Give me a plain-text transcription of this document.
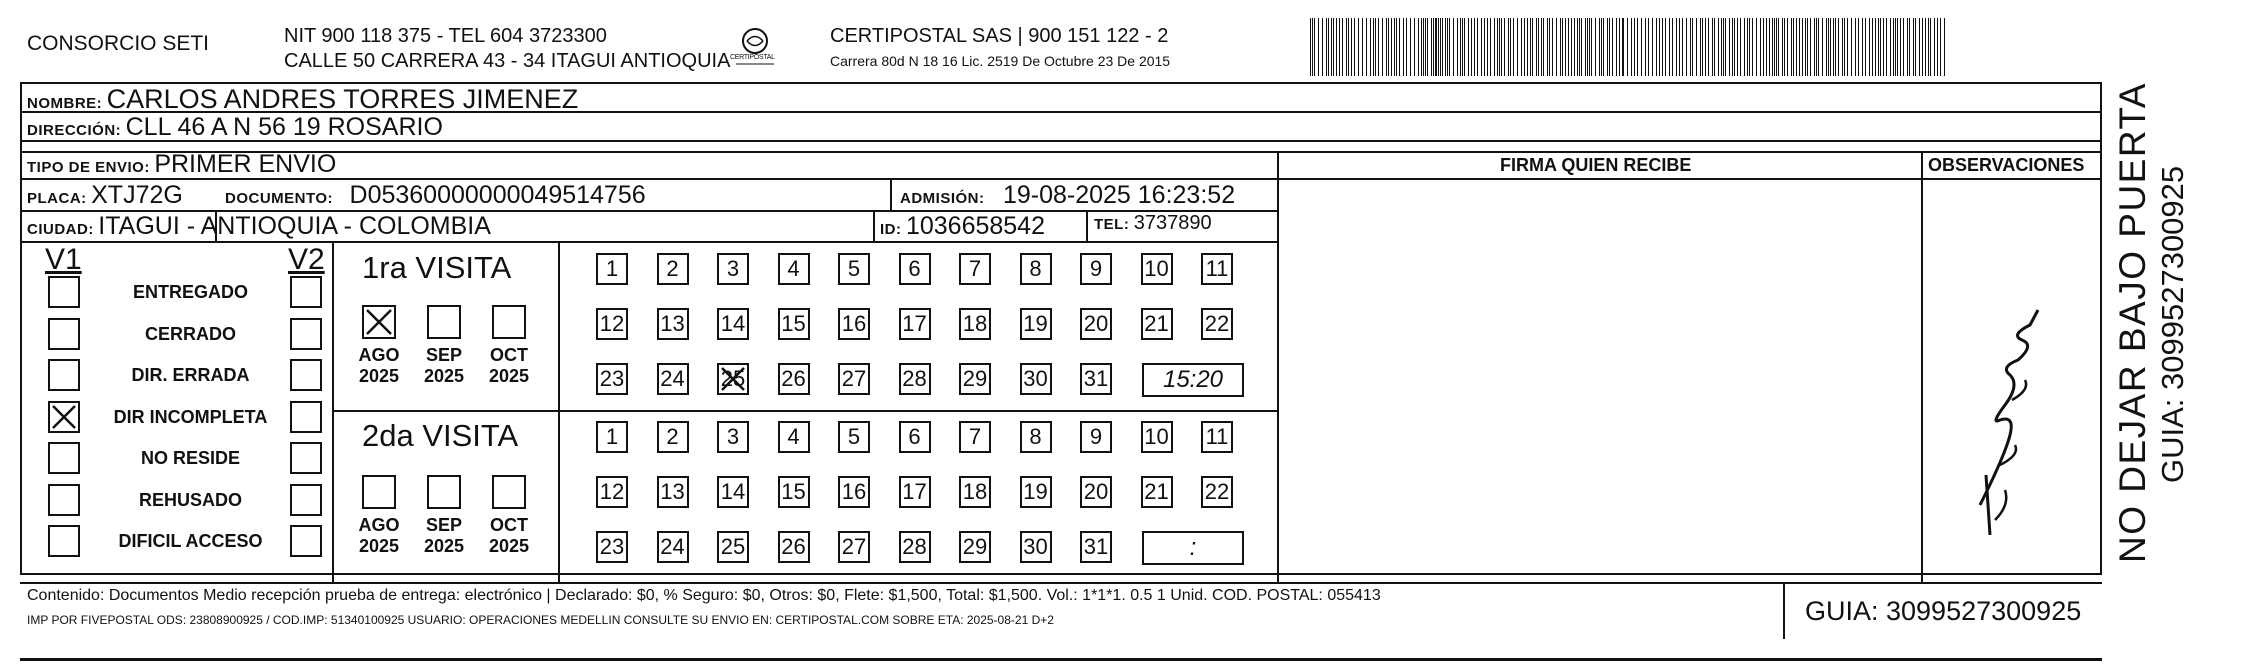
CONSORCIO SETI	NIT 900 118 375 - TEL 604 3723300
CALLE 50 CARRERA 43 - 34 ITAGUI ANTIOQUIA CERTIPOSTAL
CERTIPOSTAL SAS | 900 151 122 - 2
Carrera 80d N 18 16 Lic. 2519 De Octubre 23 De 2015
NOMBRE: CARLOS ANDRES TORRES JIMENEZ
DIRECCIÓN: CLL 46 A N 56 19 ROSARIO
TIPO DE ENVIO: PRIMER ENVIO
PLACA: XTJ72G	DOCUMENTO: D05360000000049514756	ADMISIÓN: 19-08-2025 16:23:52
CIUDAD: ITAGUI - ANTIOQUIA - COLOMBIA	ID: 1036658542	TEL: 3737890
FIRMA QUIEN RECIBE	OBSERVACIONES
V1	V2
ENTREGADO
CERRADO
DIR. ERRADA
DIR INCOMPLETA
NO RESIDE
REHUSADO
DIFICIL ACCESO
1ra VISITA
AGO
2025
SEP
2025
OCT
2025
1 2 3 4 5 6 7 8 9 10 11
12 13 14 15 16 17 18 19 20 21 22
23 24 25 26 27 28 29 30 31 15:20
2da VISITA
AGO
2025
SEP
2025
OCT
2025
1 2 3 4 5 6 7 8 9 10 11
12 13 14 15 16 17 18 19 20 21 22
23 24 25 26 27 28 29 30 31	:
Contenido: Documentos Medio recepción prueba de entrega: electrónico | Declarado: $0, % Seguro: $0, Otros: $0, Flete: $1,500, Total: $1,500. Vol.: 1*1*1. 0.5 1 Unid. COD. POSTAL: 055413
IMP POR FIVEPOSTAL ODS: 23808900925 / COD.IMP: 51340100925 USUARIO: OPERACIONES MEDELLIN CONSULTE SU ENVIO EN: CERTIPOSTAL.COM SOBRE ETA: 2025-08-21 D+2	GUIA: 3099527300925
NO DEJAR BAJO PUERTA GUIA: 3099527300925
